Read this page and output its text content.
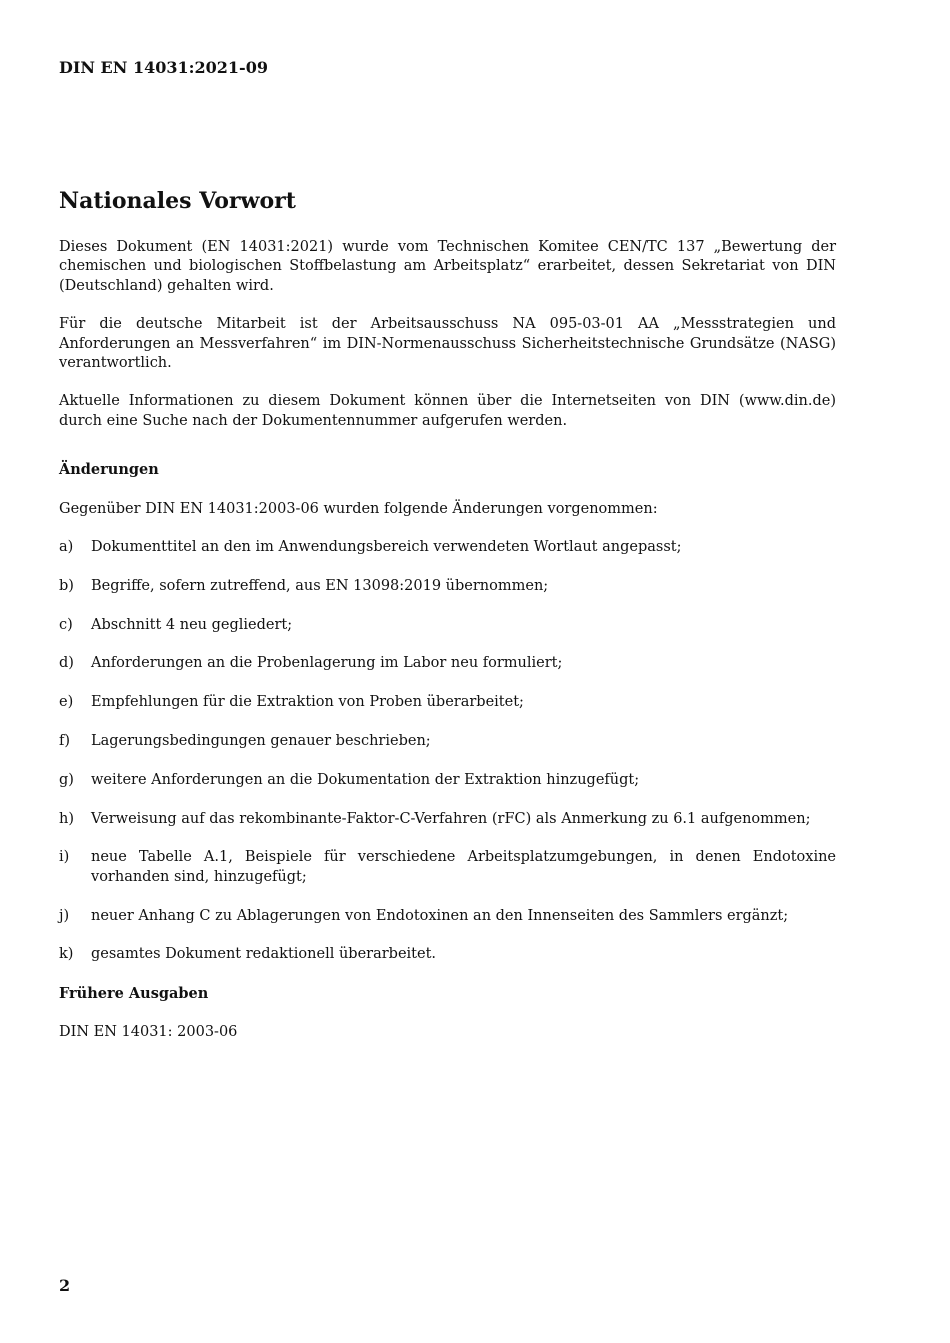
DIN EN 14031:2021-09

Nationales Vorwort

Dieses Dokument (EN 14031:2021) wurde vom Technischen Komitee CEN/TC 137 „Bewertung der chemischen und biologischen Stoffbelastung am Arbeitsplatz“ erarbeitet, dessen Sekretariat von DIN (Deutschland) gehalten wird.

Für die deutsche Mitarbeit ist der Arbeitsausschuss NA 095-03-01 AA „Messstrategien und Anforderungen an Messverfahren“ im DIN-Normenausschuss Sicherheitstechnische Grundsätze (NASG) verantwortlich.

Aktuelle Informationen zu diesem Dokument können über die Internetseiten von DIN (www.din.de) durch eine Suche nach der Dokumentennummer aufgerufen werden.

Änderungen

Gegenüber DIN EN 14031:2003-06 wurden folgende Änderungen vorgenommen:

a)	Dokumenttitel an den im Anwendungsbereich verwendeten Wortlaut angepasst;
b)	Begriffe, sofern zutreffend, aus EN 13098:2019 übernommen;
c)	Abschnitt 4 neu gegliedert;
d)	Anforderungen an die Probenlagerung im Labor neu formuliert;
e)	Empfehlungen für die Extraktion von Proben überarbeitet;
f)	Lagerungsbedingungen genauer beschrieben;
g)	weitere Anforderungen an die Dokumentation der Extraktion hinzugefügt;
h)	Verweisung auf das rekombinante-Faktor-C-Verfahren (rFC) als Anmerkung zu 6.1 aufgenommen;
i)	neue Tabelle A.1, Beispiele für verschiedene Arbeitsplatzumgebungen, in denen Endotoxine vorhanden sind, hinzugefügt;
j)	neuer Anhang C zu Ablagerungen von Endotoxinen an den Innenseiten des Sammlers ergänzt;
k)	gesamtes Dokument redaktionell überarbeitet.
Frühere Ausgaben

DIN EN 14031: 2003-06

2
